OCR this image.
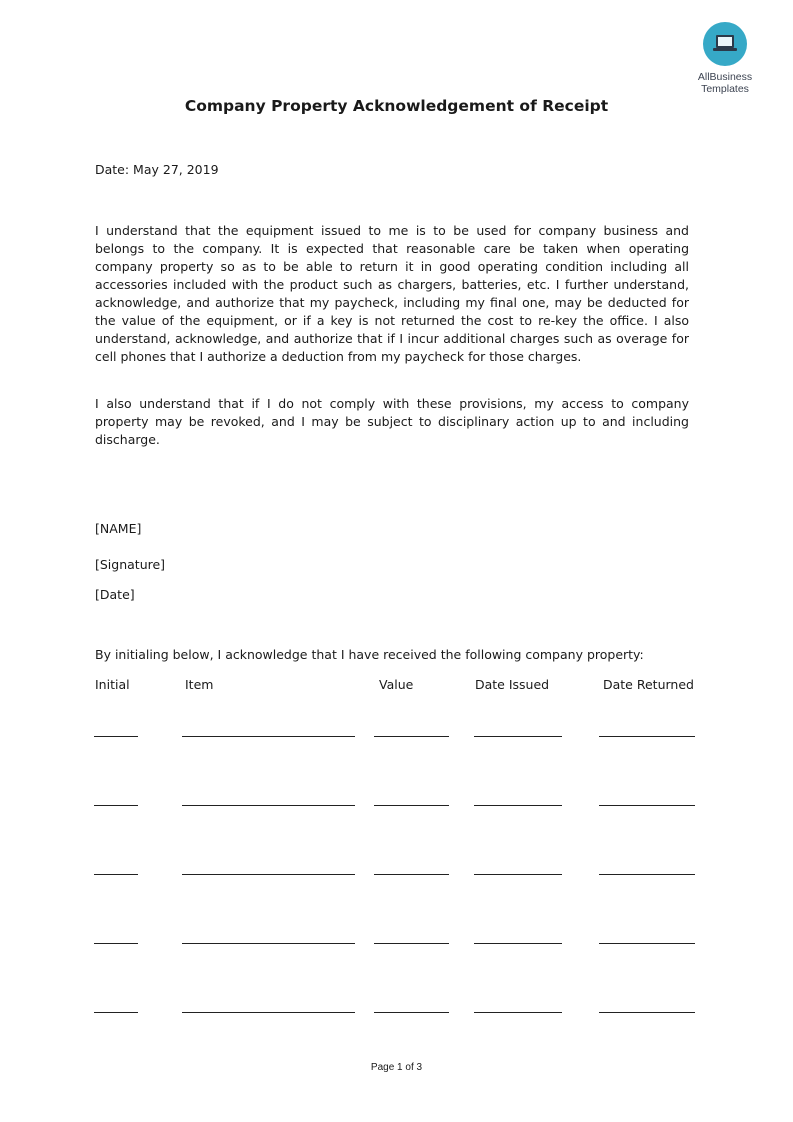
AllBusiness
Templates
Company Property Acknowledgement of Receipt
Date: May 27, 2019

I understand that the equipment issued to me is to be used for company business and belongs to the company. It is expected that reasonable care be taken when operating company property so as to be able to return it in good operating condition including all accessories included with the product such as chargers, batteries, etc. I further understand, acknowledge, and authorize that my paycheck, including my final one, may be deducted for the value of the equipment, or if a key is not returned the cost to re-key the office. I also understand, acknowledge, and authorize that if I incur additional charges such as overage for cell phones that I authorize a deduction from my paycheck for those charges.

I also understand that if I do not comply with these provisions, my access to company property may be revoked, and I may be subject to disciplinary action up to and including discharge.

[NAME]
[Signature]
[Date]
By initialing below, I acknowledge that I have received the following company property:
Initial	Item	Value	Date Issued	Date Returned
Page 1 of 3
